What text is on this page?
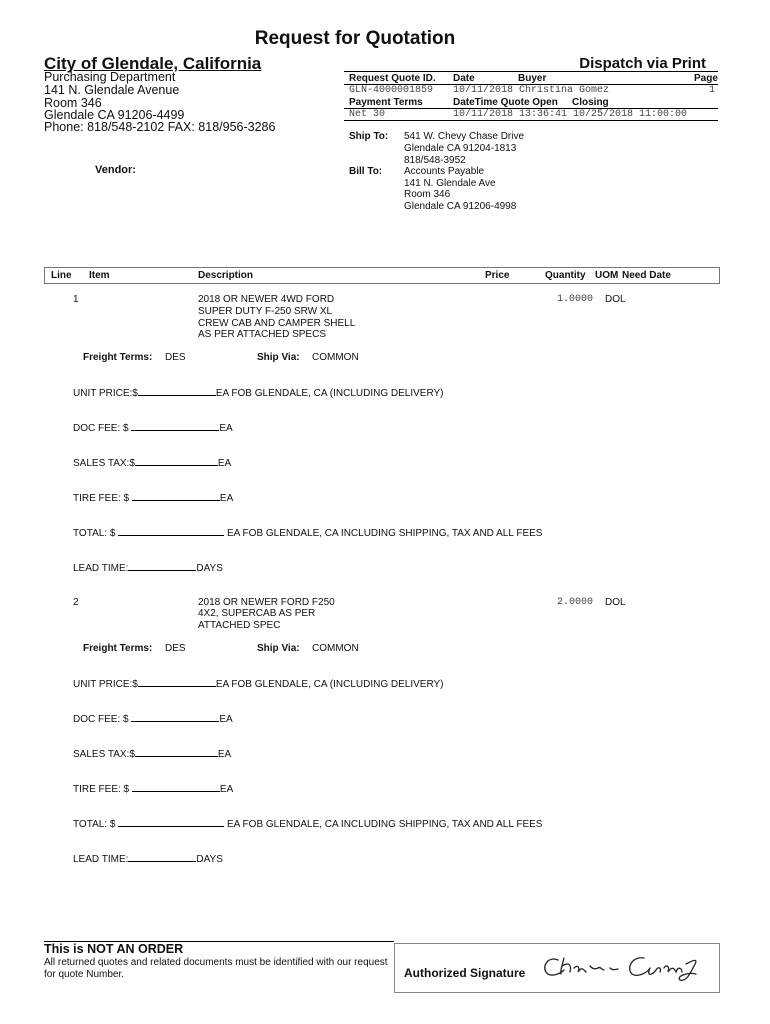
Request for Quotation
City of Glendale, California	Dispatch via Print
Purchasing Department
141 N. Glendale Avenue
Room 346
Glendale CA 91206-4499
Phone: 818/548-2102 FAX: 818/956-3286
Request Quote ID. Date	Buyer	Page
GLN-4000001859 10/11/2018 Christina Gomez	1
Payment Terms	DateTime Quote Open Closing
Net 30	10/11/2018 13:36:41 10/25/2018 11:00:00
Ship To: 541 W. Chevy Chase Drive
Glendale CA 91204-1813
818/548-3952
Bill To: Accounts Payable
141 N. Glendale Ave
Room 346
Glendale CA 91206-4998
Vendor:
Line Item	Description	Price	Quantity UOM Need Date
1	2018 OR NEWER 4WD FORD
SUPER DUTY F-250 SRW XL
CREW CAB AND CAMPER SHELL
AS PER ATTACHED SPECS
1.0000 DOL
Freight Terms: DES	Ship Via: COMMON
UNIT PRICE:$	EA FOB GLENDALE, CA (INCLUDING DELIVERY)
DOC FEE: $	EA
SALES TAX:$	EA
TIRE FEE: $	EA
TOTAL: $	EA FOB GLENDALE, CA INCLUDING SHIPPING, TAX AND ALL FEES
LEAD TIME:	DAYS
2	2018 OR NEWER FORD F250
4X2, SUPERCAB AS PER
ATTACHED SPEC
2.0000 DOL
Freight Terms: DES	Ship Via: COMMON
UNIT PRICE:$	EA FOB GLENDALE, CA (INCLUDING DELIVERY)
DOC FEE: $	EA
SALES TAX:$	EA
TIRE FEE: $	EA
TOTAL: $	EA FOB GLENDALE, CA INCLUDING SHIPPING, TAX AND ALL FEES
LEAD TIME:	DAYS
This is NOT AN ORDER
All returned quotes and related documents must be identified with our request
for quote Number.	Authorized Signature
